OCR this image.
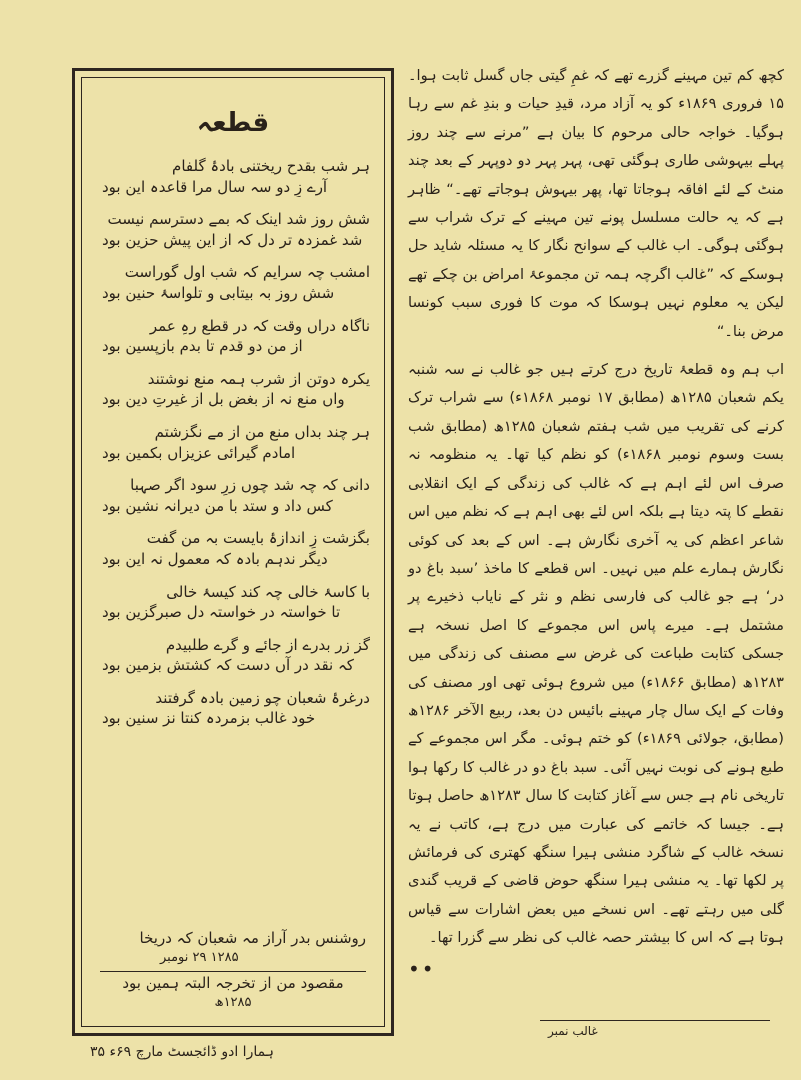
کچھ کم تین مہینے گزرے تھے کہ غمِ گیتی جاں گسل ثابت ہوا۔ ۱۵ فروری ۱۸۶۹ء کو یہ آزاد مرد، قیدِ حیات و بندِ غم سے رہا ہوگیا۔ خواجہ حالی مرحوم کا بیان ہے ”مرنے سے چند روز پہلے بیہوشی طاری ہوگئی تھی، پہر پہر دو دوپہر کے بعد چند منٹ کے لئے افاقہ ہوجاتا تھا، پھر بیہوش ہوجاتے تھے۔“ ظاہر ہے کہ یہ حالت مسلسل پونے تین مہینے کے ترک شراب سے ہوگئی ہوگی۔ اب غالب کے سوانح نگار کا یہ مسئلہ شاید حل ہوسکے کہ ”غالب اگرچہ ہمہ تن مجموعۂ امراض بن چکے تھے لیکن یہ معلوم نہیں ہوسکا کہ موت کا فوری سبب کونسا مرض بنا۔“

اب ہم وہ قطعۂ تاریخ درج کرتے ہیں جو غالب نے سہ شنبہ یکم شعبان ۱۲۸۵ھ (مطابق ۱۷ نومبر ۱۸۶۸ء) سے شراب ترک کرنے کی تقریب میں شب ہفتم شعبان ۱۲۸۵ھ (مطابق شب بست وسوم نومبر ۱۸۶۸ء) کو نظم کیا تھا۔ یہ منظومہ نہ صرف اس لئے اہم ہے کہ غالب کی زندگی کے ایک انقلابی نقطے کا پتہ دیتا ہے بلکہ اس لئے بھی اہم ہے کہ نظم میں اس شاعر اعظم کی یہ آخری نگارش ہے۔ اس کے بعد کی کوئی نگارش ہمارے علم میں نہیں۔ اس قطعے کا ماخذ ’سبد باغ دو در‘ ہے جو غالب کی فارسی نظم و نثر کے نایاب ذخیرے پر مشتمل ہے۔ میرے پاس اس مجموعے کا اصل نسخہ ہے جسکی کتابت طباعت کی غرض سے مصنف کی زندگی میں ۱۲۸۳ھ (مطابق ۱۸۶۶ء) میں شروع ہوئی تھی اور مصنف کی وفات کے ایک سال چار مہینے بائیس دن بعد، ربیع الآخر ۱۲۸۶ھ (مطابق، جولائی ۱۸۶۹ء) کو ختم ہوئی۔ مگر اس مجموعے کے طبع ہونے کی نوبت نہیں آئی۔ سبد باغ دو در غالب کا رکھا ہوا تاریخی نام ہے جس سے آغاز کتابت کا سال ۱۲۸۳ھ حاصل ہوتا ہے۔ جیسا کہ خاتمے کی عبارت میں درج ہے، کاتب نے یہ نسخہ غالب کے شاگرد منشی ہیرا سنگھ کھتری کی فرمائش پر لکھا تھا۔ یہ منشی ہیرا سنگھ حوض قاضی کے قریب گندی گلی میں رہتے تھے۔ اس نسخے میں بعض اشارات سے قیاس ہوتا ہے کہ اس کا بیشتر حصہ غالب کی نظر سے گزرا تھا۔

••
غالب نمبر
قطعہ
ہر شب بقدح ریختنی بادۂ گلفام
آرے زِ دو سہ سال مرا قاعدہ این بود
شش روز شد اینک کہ بمے دسترسم نیست
شد غمزدہ تر دل کہ از این پیش حزین بود
امشب چہ سرایم کہ شب اول گوراست
شش روز بہ بیتابی و تلواسۂ حنین بود
ناگاہ دراں وقت کہ در قطع رہِ عمر
از من دو قدم تا بدم بازپسین بود
یکرہ دوتن از شرب ہمہ منع نوشتند
واں منع نہ از بغض بل از غیرتِ دین بود
ہر چند بداں منع من از مے نگزشتم
امادم گیرائی عزیزاں بکمین بود
دانی کہ چہ شد چوں زرِ سود اگر صہبا
کس داد و ستد با من دیرانہ نشین بود
بگزشت زِ اندازۂ بایست بہ من گفت
دیگر ندہم بادہ کہ معمول نہ این بود
با کاسۂ خالی چہ کند کیسۂ خالی
تا خواستہ در خواستہ دل صبرگزین بود
گز زر بدرے از جائے و گرے طلبیدم
کہ نقد در آں دست کہ کشتش بزمین بود
درغرۂ شعبان چو زمین بادہ گرفتند
خود غالب بزمردہ کنتا نز سنین بود
روشنس بدر آراز مہ شعبان کہ دریخا
۱۲۸۵ ۲۹ نومبر
مقصود من از تخرجہ البتہ ہمین بود
۱۲۸۵ھ
ہمارا ادو ڈائجسٹ مارچ ۶۹ء ۳۵
